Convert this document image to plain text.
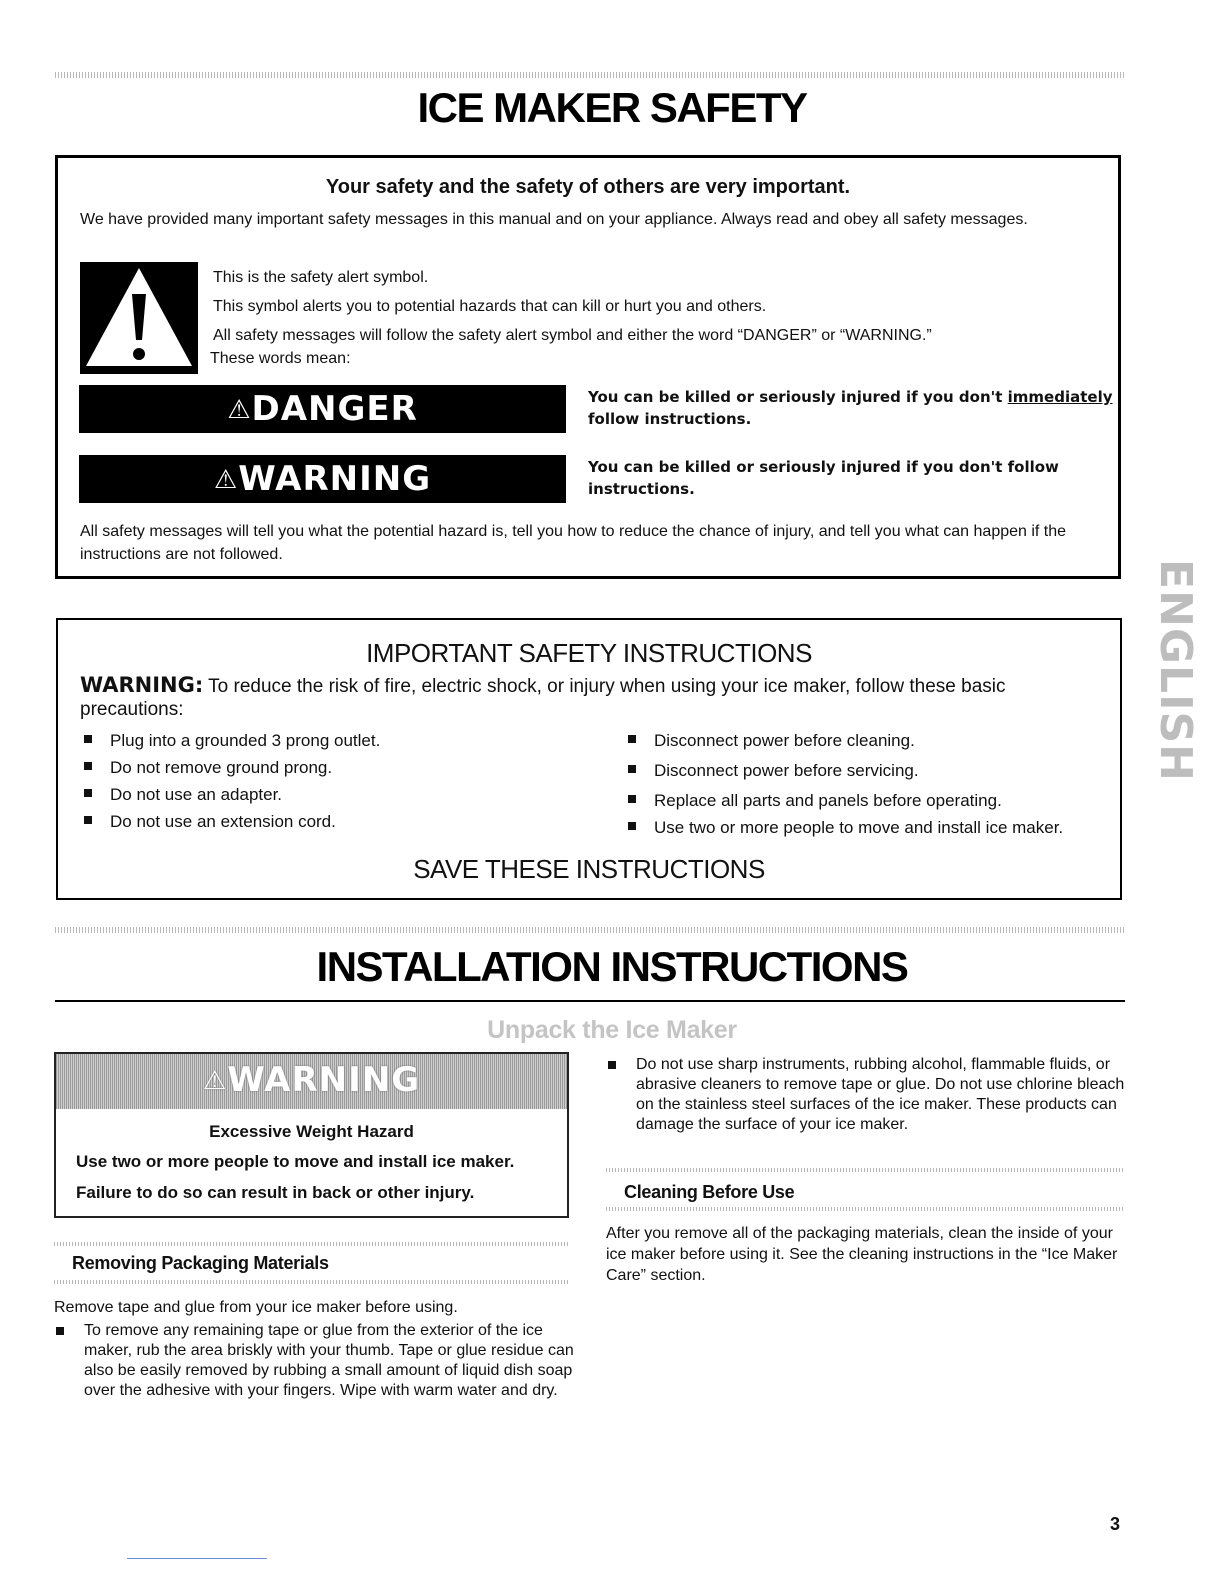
ICE MAKER SAFETY
Your safety and the safety of others are very important.
We have provided many important safety messages in this manual and on your appliance. Always read and obey all safety messages.
This is the safety alert symbol.
This symbol alerts you to potential hazards that can kill or hurt you and others.
All safety messages will follow the safety alert symbol and either the word “DANGER” or “WARNING.”
These words mean:
⚠DANGER	You can be killed or seriously injured if you don't immediately
follow instructions.
⚠WARNING	You can be killed or seriously injured if you don't follow
instructions.
All safety messages will tell you what the potential hazard is, tell you how to reduce the chance of injury, and tell you what can happen if the instructions are not followed.
ENGLISH
IMPORTANT SAFETY INSTRUCTIONS
WARNING: To reduce the risk of fire, electric shock, or injury when using your ice maker, follow these basic
precautions:
Plug into a grounded 3 prong outlet.
Do not remove ground prong.
Do not use an adapter.
Do not use an extension cord.
Disconnect power before cleaning.
Disconnect power before servicing.
Replace all parts and panels before operating.
Use two or more people to move and install ice maker.
SAVE THESE INSTRUCTIONS
INSTALLATION INSTRUCTIONS
Unpack the Ice Maker
⚠WARNING
Excessive Weight Hazard
Use two or more people to move and install ice maker.
Failure to do so can result in back or other injury.
Removing Packaging Materials
Remove tape and glue from your ice maker before using.
To remove any remaining tape or glue from the exterior of the ice maker, rub the area briskly with your thumb. Tape or glue residue can also be easily removed by rubbing a small amount of liquid dish soap over the adhesive with your fingers. Wipe with warm water and dry.
Do not use sharp instruments, rubbing alcohol, flammable fluids, or abrasive cleaners to remove tape or glue. Do not use chlorine bleach on the stainless steel surfaces of the ice maker. These products can damage the surface of your ice maker.
Cleaning Before Use
After you remove all of the packaging materials, clean the inside of your ice maker before using it. See the cleaning instructions in the “Ice Maker Care” section.
3
